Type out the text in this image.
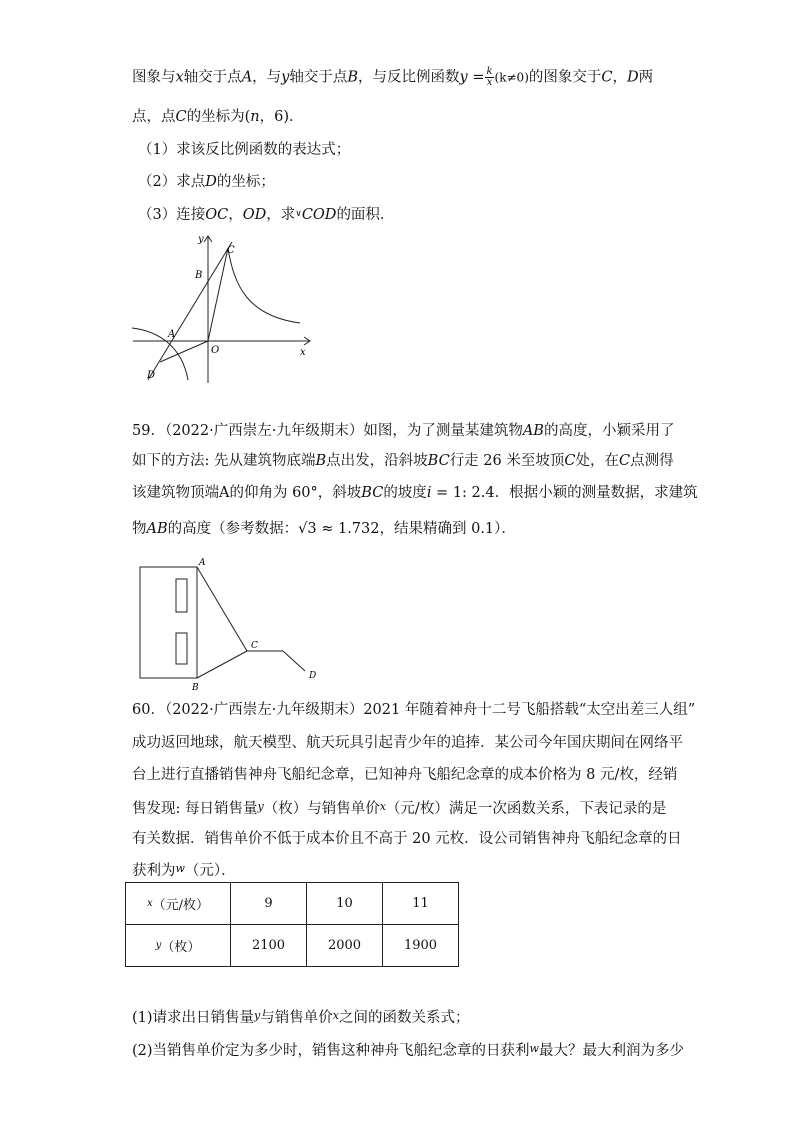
图象与x轴交于点A，与y轴交于点B，与反比例函数$y = \frac{k}{x} (k\ne 0)$的图象交于C，D两
点，点C的坐标为(n，6)．
（1）求该反比例函数的表达式；
（2）求点D的坐标；
（3）连接OC，OD，求∨COD的面积．
y
x
O
A
B
C
D
59．（2022·广西崇左·九年级期末）如图，为了测量某建筑物AB的高度，小颖采用了
如下的方法: 先从建筑物底端B点出发，沿斜坡BC行走 26 米至坡顶C处，在C点测得
该建筑物顶端A的仰角为 60°，斜坡BC的坡度i = 1: 2.4．根据小颖的测量数据，求建筑
物AB的高度（参考数据：√3 ≈ 1.732，结果精确到 0.1）．
A
B
C
D
60．（2022·广西崇左·九年级期末）2021 年随着神舟十二号飞船搭载“太空出差三人组”
成功返回地球，航天模型、航天玩具引起青少年的追捧．某公司今年国庆期间在网络平
台上进行直播销售神舟飞船纪念章，已知神舟飞船纪念章的成本价格为 8 元/枚，经销
售发现: 每日销售量$^y$（枚）与销售单价$^x$（元/枚）满足一次函数关系，下表记录的是
有关数据．销售单价不低于成本价且不高于 20 元枚．设公司销售神舟飞船纪念章的日
获利为$^w$（元）．
$^x$（元/枚）	9	10	11
$^y$（枚）	2100	2000	1900
(1)请求出日销售量$^y$与销售单价$^x$之间的函数关系式；
(2)当销售单价定为多少时，销售这种神舟飞船纪念章的日获利$^w$最大？最大利润为多少
